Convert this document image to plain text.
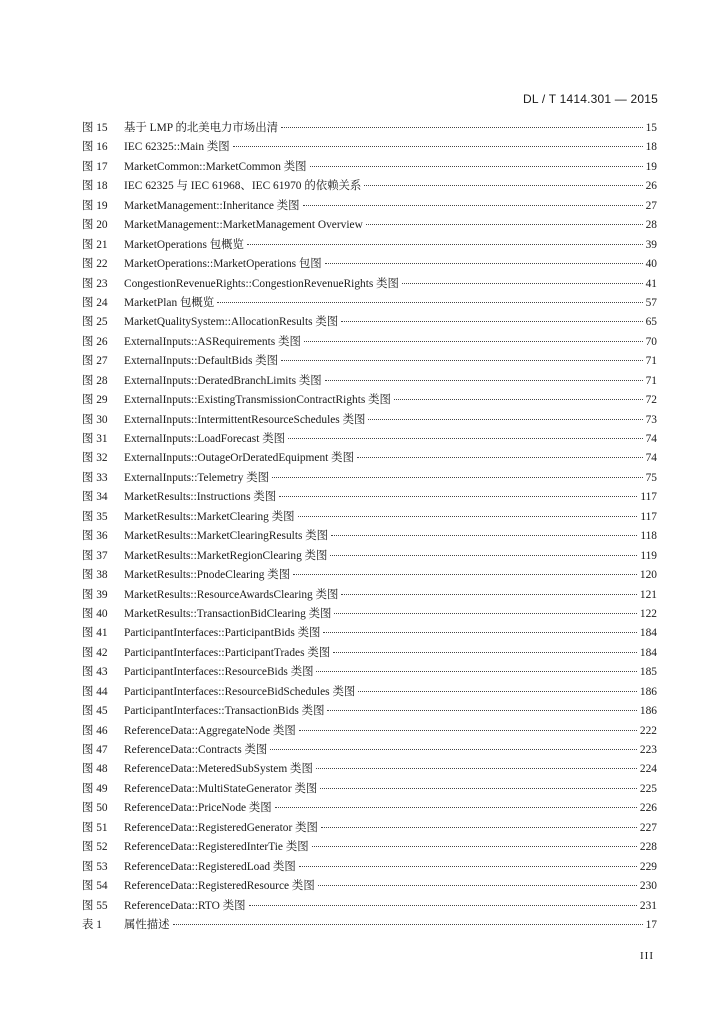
DL / T 1414.301 — 2015
图 15	基于 LMP 的北美电力市场出清	15
图 16	IEC 62325::Main 类图	18
图 17	MarketCommon::MarketCommon 类图	19
图 18	IEC 62325 与 IEC 61968、IEC 61970 的依赖关系	26
图 19	MarketManagement::Inheritance 类图	27
图 20	MarketManagement::MarketManagement Overview	28
图 21	MarketOperations 包概览	39
图 22	MarketOperations::MarketOperations 包图	40
图 23	CongestionRevenueRights::CongestionRevenueRights 类图	41
图 24	MarketPlan 包概览	57
图 25	MarketQualitySystem::AllocationResults 类图	65
图 26	ExternalInputs::ASRequirements 类图	70
图 27	ExternalInputs::DefaultBids 类图	71
图 28	ExternalInputs::DeratedBranchLimits 类图	71
图 29	ExternalInputs::ExistingTransmissionContractRights 类图	72
图 30	ExternalInputs::IntermittentResourceSchedules 类图	73
图 31	ExternalInputs::LoadForecast 类图	74
图 32	ExternalInputs::OutageOrDeratedEquipment 类图	74
图 33	ExternalInputs::Telemetry 类图	75
图 34	MarketResults::Instructions 类图	117
图 35	MarketResults::MarketClearing 类图	117
图 36	MarketResults::MarketClearingResults 类图	118
图 37	MarketResults::MarketRegionClearing 类图	119
图 38	MarketResults::PnodeClearing 类图	120
图 39	MarketResults::ResourceAwardsClearing 类图	121
图 40	MarketResults::TransactionBidClearing 类图	122
图 41	ParticipantInterfaces::ParticipantBids 类图	184
图 42	ParticipantInterfaces::ParticipantTrades 类图	184
图 43	ParticipantInterfaces::ResourceBids 类图	185
图 44	ParticipantInterfaces::ResourceBidSchedules 类图	186
图 45	ParticipantInterfaces::TransactionBids 类图	186
图 46	ReferenceData::AggregateNode 类图	222
图 47	ReferenceData::Contracts 类图	223
图 48	ReferenceData::MeteredSubSystem 类图	224
图 49	ReferenceData::MultiStateGenerator 类图	225
图 50	ReferenceData::PriceNode 类图	226
图 51	ReferenceData::RegisteredGenerator 类图	227
图 52	ReferenceData::RegisteredInterTie 类图	228
图 53	ReferenceData::RegisteredLoad 类图	229
图 54	ReferenceData::RegisteredResource 类图	230
图 55	ReferenceData::RTO 类图	231
表 1	属性描述	17
III
